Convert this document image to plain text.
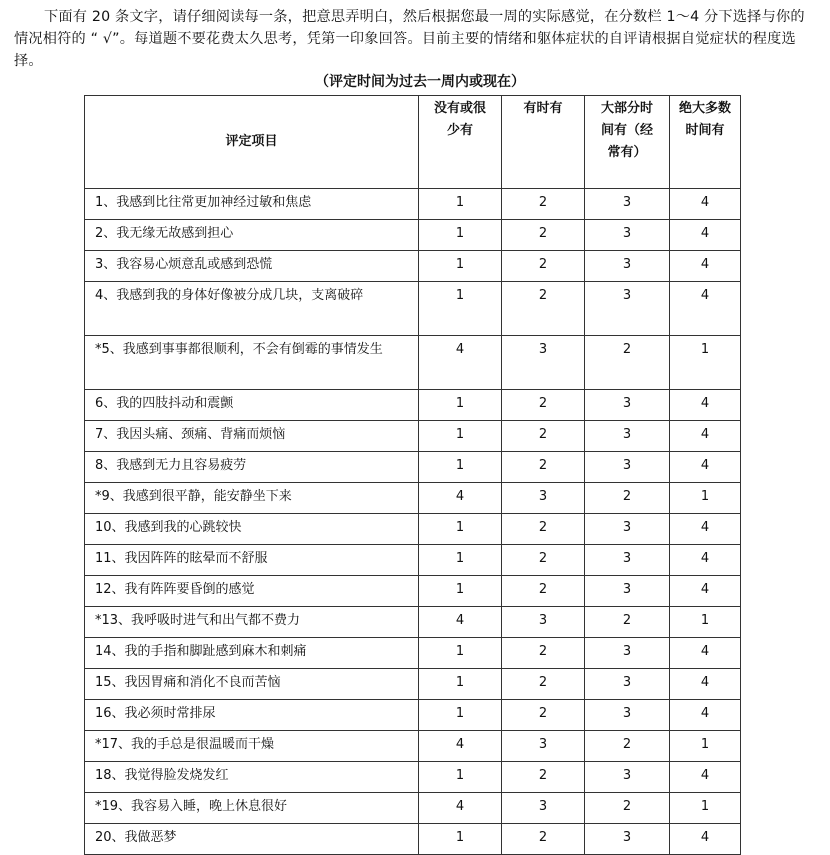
下面有 20 条文字，请仔细阅读每一条，把意思弄明白，然后根据您最一周的实际感觉，在分数栏 1～4 分下选择与你的情况相符的 “ √”。每道题不要花费太久思考，凭第一印象回答。目前主要的情绪和躯体症状的自评请根据自觉症状的程度选择。

（评定时间为过去一周内或现在）

评定项目	没有或很少有	有时有	大部分时间有（经常有）	绝大多数时间有
1、我感到比往常更加神经过敏和焦虑	1	2	3	4
2、我无缘无故感到担心	1	2	3	4
3、我容易心烦意乱或感到恐慌	1	2	3	4
4、我感到我的身体好像被分成几块，支离破碎	1	2	3	4
*5、我感到事事都很顺利，不会有倒霉的事情发生	4	3	2	1
6、我的四肢抖动和震颤	1	2	3	4
7、我因头痛、颈痛、背痛而烦恼	1	2	3	4
8、我感到无力且容易疲劳	1	2	3	4
*9、我感到很平静，能安静坐下来	4	3	2	1
10、我感到我的心跳较快	1	2	3	4
11、我因阵阵的眩晕而不舒服	1	2	3	4
12、我有阵阵要昏倒的感觉	1	2	3	4
*13、我呼吸时进气和出气都不费力	4	3	2	1
14、我的手指和脚趾感到麻木和刺痛	1	2	3	4
15、我因胃痛和消化不良而苦恼	1	2	3	4
16、我必须时常排尿	1	2	3	4
*17、我的手总是很温暖而干燥	4	3	2	1
18、我觉得脸发烧发红	1	2	3	4
*19、我容易入睡，晚上休息很好	4	3	2	1
20、我做恶梦	1	2	3	4
